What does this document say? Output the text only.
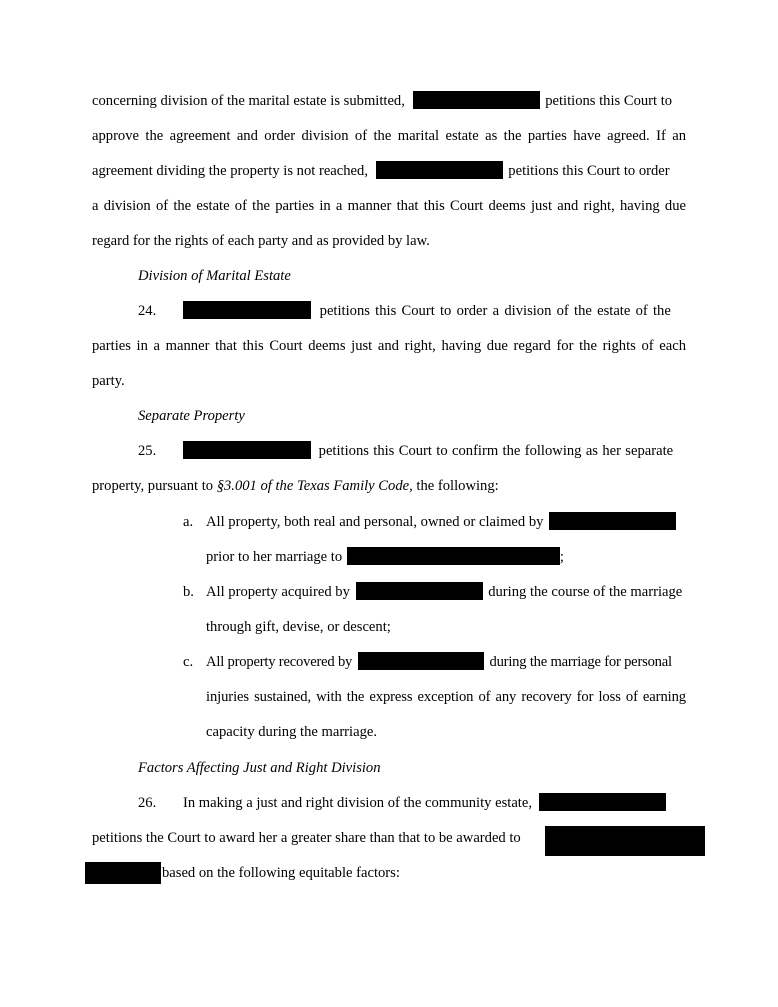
concerning division of the marital estate is submitted,	petitions this Court to
approve the agreement and order division of the marital estate as the parties have agreed. If an
agreement dividing the property is not reached,	petitions this Court to order
a division of the estate of the parties in a manner that this Court deems just and right, having due
regard for the rights of each party and as provided by law.
Division of Marital Estate
24.	petitions this Court to order a division of the estate of the
parties in a manner that this Court deems just and right, having due regard for the rights of each
party.
Separate Property
25.	petitions this Court to confirm the following as her separate
property, pursuant to §3.001 of the Texas Family Code, the following:
a. All property, both real and personal, owned or claimed by
prior to her marriage to	;
b. All property acquired by	during the course of the marriage
through gift, devise, or descent;
c. All property recovered by	during the marriage for personal
injuries sustained, with the express exception of any recovery for loss of earning
capacity during the marriage.
Factors Affecting Just and Right Division
26. In making a just and right division of the community estate,
petitions the Court to award her a greater share than that to be awarded to
based on the following equitable factors:
